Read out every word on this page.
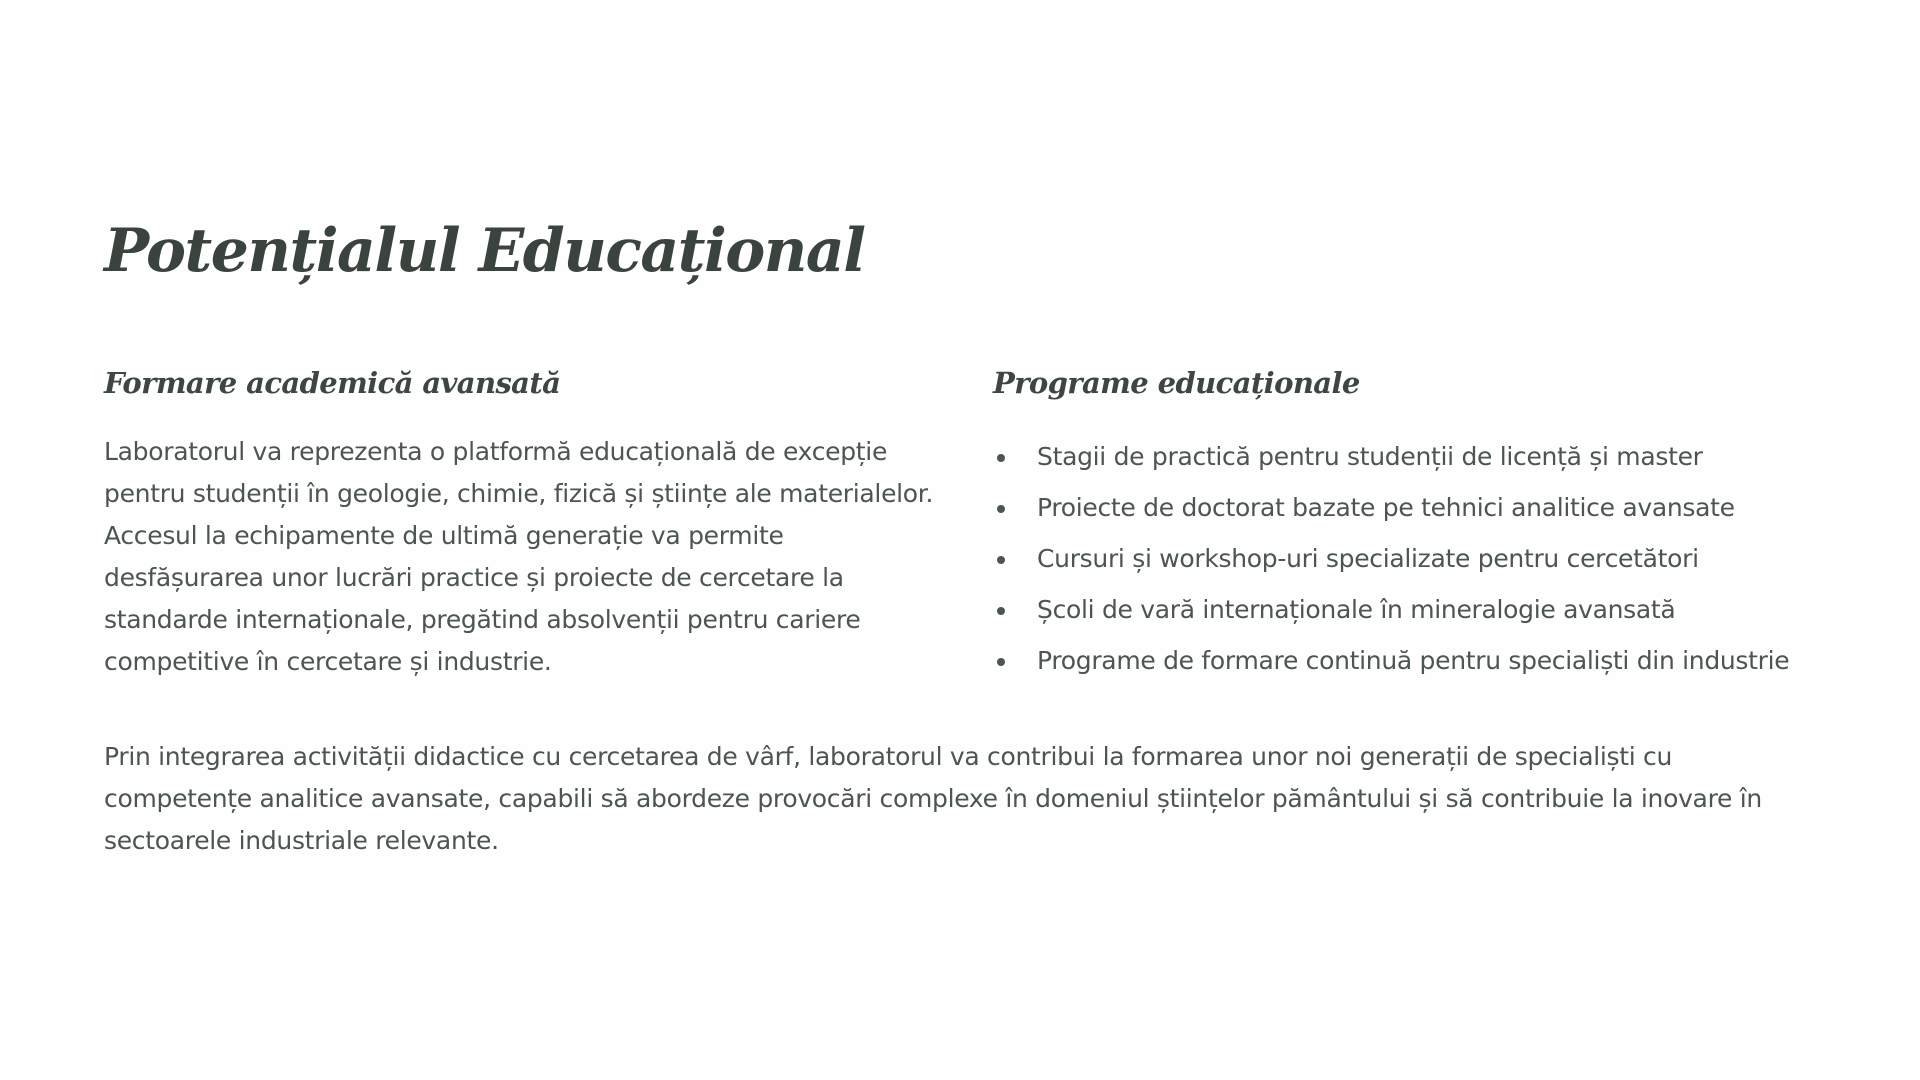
Potențialul Educațional
Formare academică avansată

Laboratorul va reprezenta o platformă educațională de excepție pentru studenții în geologie, chimie, fizică și științe ale materialelor. Accesul la echipamente de ultimă generație va permite desfășurarea unor lucrări practice și proiecte de cercetare la standarde internaționale, pregătind absolvenții pentru cariere competitive în cercetare și industrie.

Programe educaționale
Stagii de practică pentru studenții de licență și master
Proiecte de doctorat bazate pe tehnici analitice avansate
Cursuri și workshop-uri specializate pentru cercetători
Școli de vară internaționale în mineralogie avansată
Programe de formare continuă pentru specialiști din industrie

Prin integrarea activității didactice cu cercetarea de vârf, laboratorul va contribui la formarea unor noi generații de specialiști cu competențe analitice avansate, capabili să abordeze provocări complexe în domeniul științelor pământului și să contribuie la inovare în sectoarele industriale relevante.
